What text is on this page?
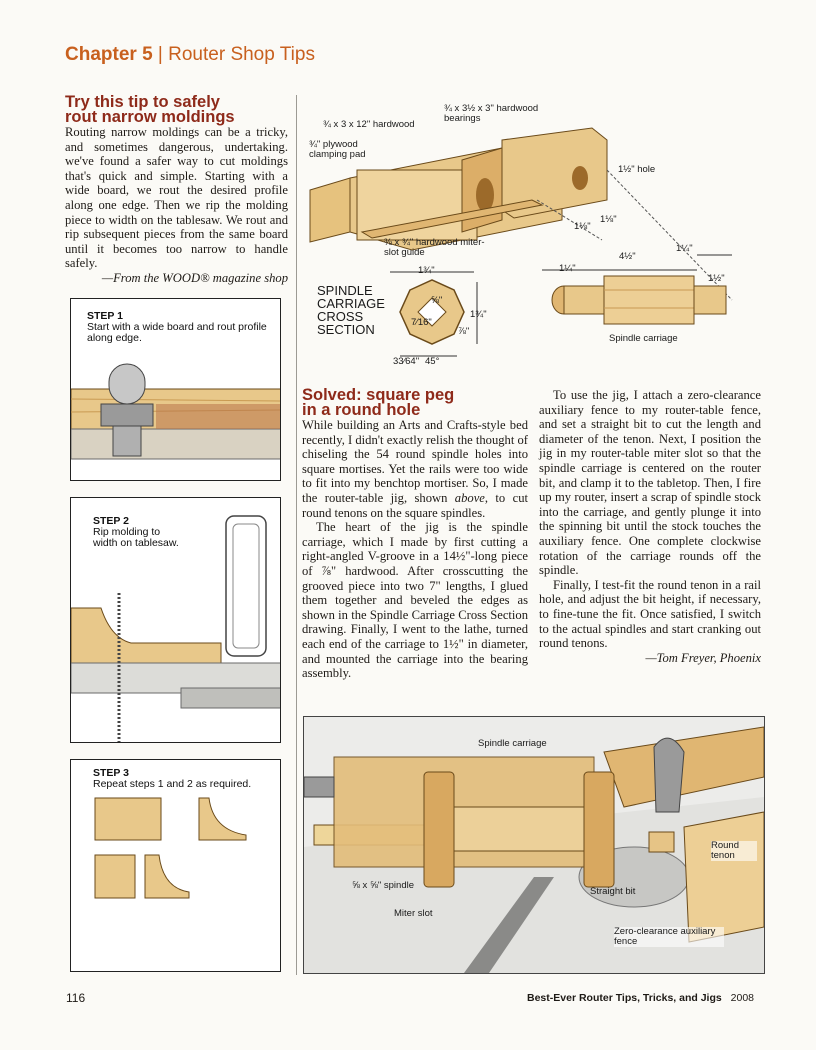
Chapter 5 | Router Shop Tips
Try this tip to safely
rout narrow moldings

Routing narrow moldings can be a tricky, and sometimes dangerous, undertaking. we've found a safer way to cut moldings that's quick and simple. Starting with a wide board, we rout the desired profile along one edge. Then we rip the molding piece to width on the tablesaw. We rout and rip subsequent pieces from the same board until it becomes too narrow to handle safely.

—From the WOOD® magazine shop
STEP 1
Start with a wide board and rout profile along edge.
STEP 2
Rip molding to width on tablesaw.
STEP 3
Repeat steps 1 and 2 as required.
¾ x 3½ x 3" hardwood bearings
¾ x 3 x 12" hardwood
¾" plywood clamping pad
1½" hole
1⅛"
1⅛"
⅜ x ¾" hardwood miter-slot guide	1¼"
4½"
1¼"
1½"
Spindle carriage
SPINDLE
CARRIAGE
CROSS
SECTION
1¾"
⅝"
7⁄16"
1¾"
⅞"
33⁄64" 45°
Solved: square peg
in a round hole

While building an Arts and Crafts-style bed recently, I didn't exactly relish the thought of chiseling the 54 round spindle holes into square mortises. Yet the rails were too wide to fit into my benchtop mortiser. So, I made the router-table jig, shown above, to cut round tenons on the square spindles.

The heart of the jig is the spindle carriage, which I made by first cutting a right-angled V-groove in a 14½"-long piece of ⅞" hardwood. After crosscutting the grooved piece into two 7" lengths, I glued them together and beveled the edges as shown in the Spindle Carriage Cross Section drawing. Finally, I went to the lathe, turned each end of the carriage to 1½" in diameter, and mounted the carriage into the bearing assembly.

To use the jig, I attach a zero-clearance auxiliary fence to my router-table fence, and set a straight bit to cut the length and diameter of the tenon. Next, I position the jig in my router-table miter slot so that the spindle carriage is centered on the router bit, and clamp it to the tabletop. Then, I fire up my router, insert a scrap of spindle stock into the carriage, and gently plunge it into the spinning bit until the stock touches the auxiliary fence. One complete clockwise rotation of the carriage rounds off the spindle.

Finally, I test-fit the round tenon in a rail hole, and adjust the bit height, if necessary, to fine-tune the fit. Once satisfied, I switch to the actual spindles and start cranking out round tenons.

—Tom Freyer, Phoenix
Spindle carriage
Round tenon
⅝ x ⅝" spindle
Straight bit
Miter slot
Zero-clearance auxiliary fence
116	Best-Ever Router Tips, Tricks, and Jigs 2008
